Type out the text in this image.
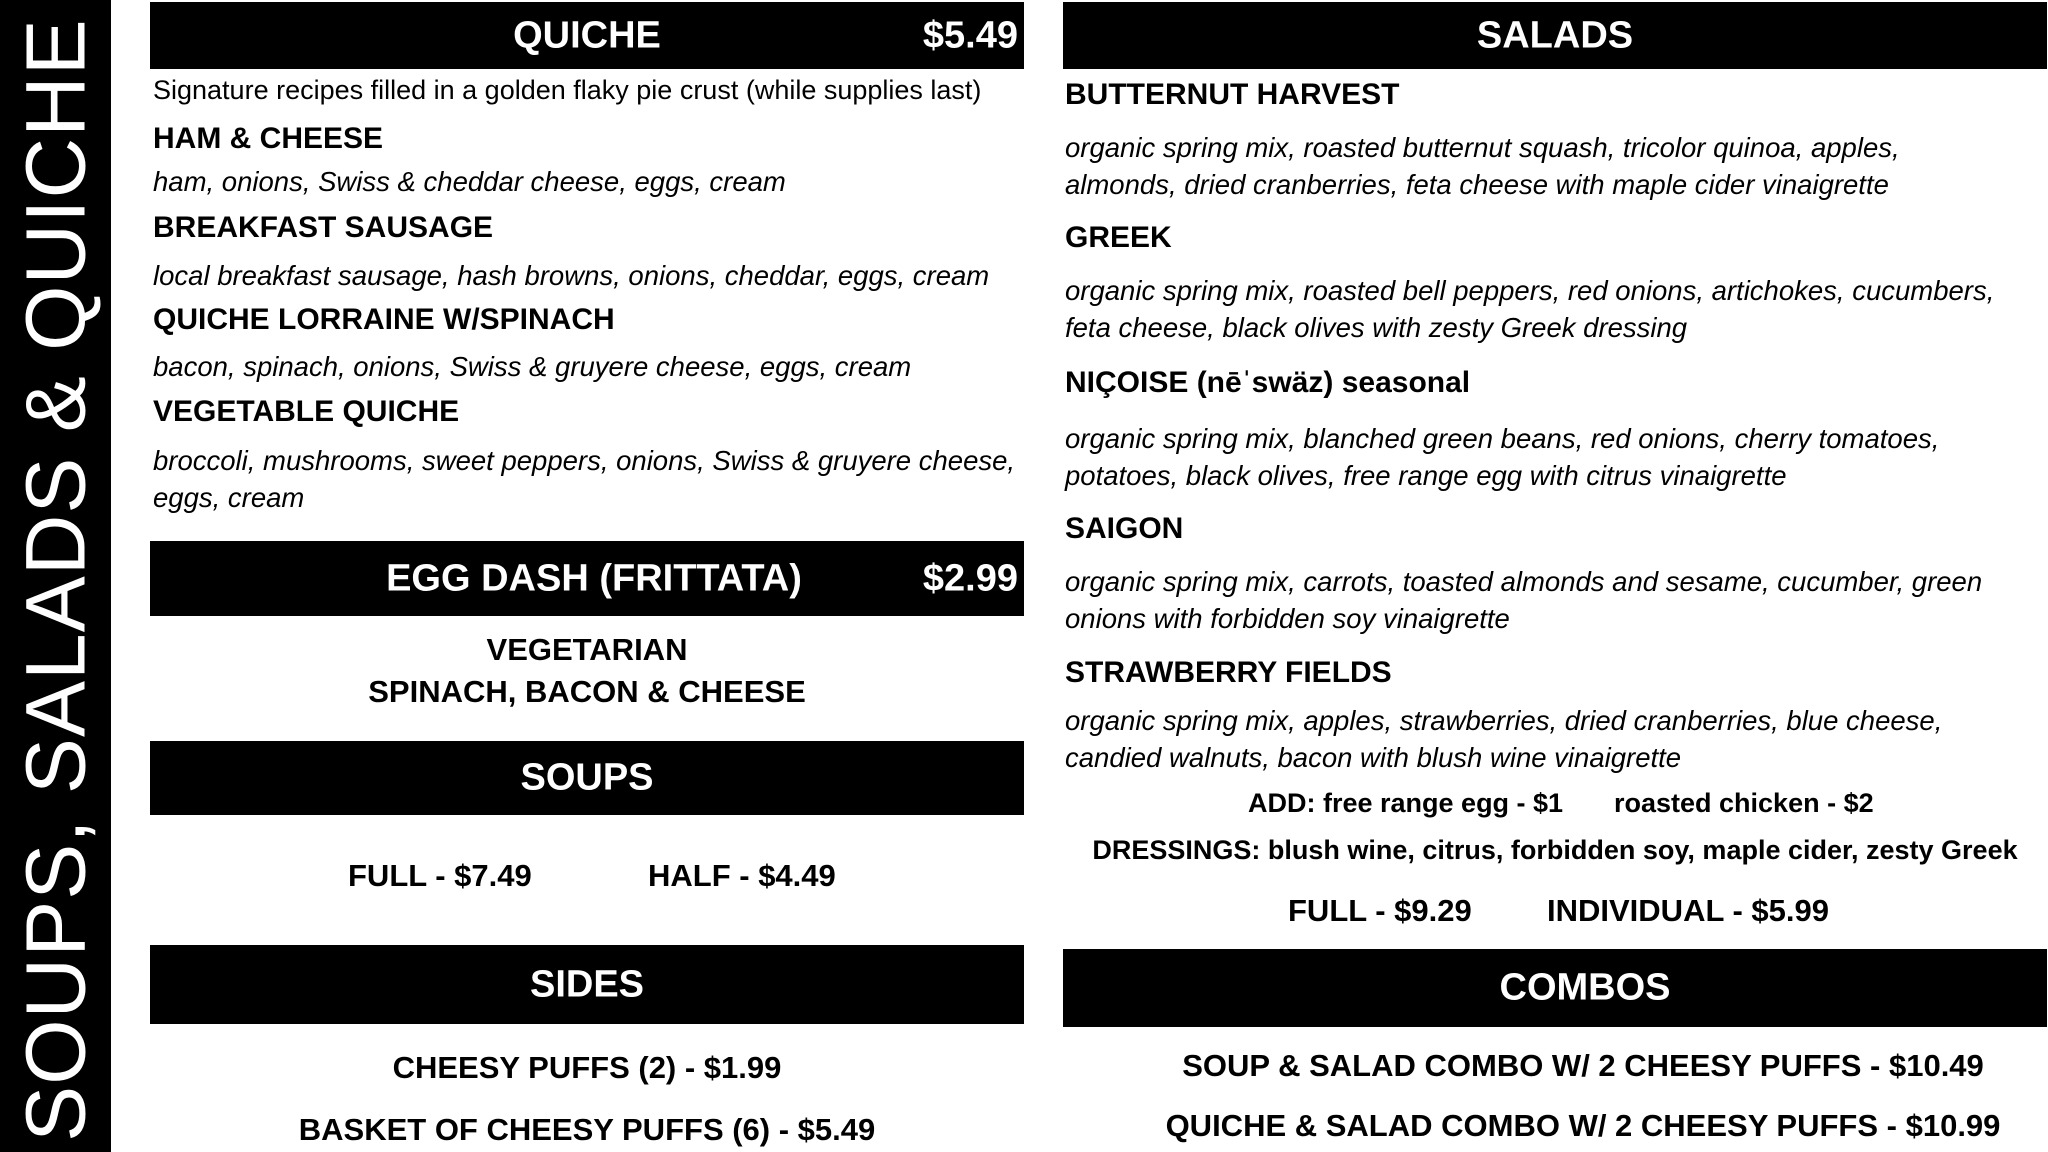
SOUPS, SALADS & QUICHE	QUICHE	$5.49
Signature recipes filled in a golden flaky pie crust (while supplies last)
HAM & CHEESE
ham, onions, Swiss & cheddar cheese, eggs, cream
BREAKFAST SAUSAGE
local breakfast sausage, hash browns, onions, cheddar, eggs, cream
QUICHE LORRAINE W/SPINACH
bacon, spinach, onions, Swiss & gruyere cheese, eggs, cream
VEGETABLE QUICHE
broccoli, mushrooms, sweet peppers, onions, Swiss & gruyere cheese, eggs, cream
EGG DASH (FRITTATA)	$2.99
VEGETARIAN
SPINACH, BACON & CHEESE
SOUPS
FULL - $7.49	HALF - $4.49
SIDES
CHEESY PUFFS (2) - $1.99
BASKET OF CHEESY PUFFS (6) - $5.49
SALADS
BUTTERNUT HARVEST
organic spring mix, roasted butternut squash, tricolor quinoa, apples, almonds, dried cranberries, feta cheese with maple cider vinaigrette
GREEK
organic spring mix, roasted bell peppers, red onions, artichokes, cucumbers, feta cheese, black olives with zesty Greek dressing
NIÇOISE (nēˈswäz) seasonal
organic spring mix, blanched green beans, red onions, cherry tomatoes, potatoes, black olives, free range egg with citrus vinaigrette
SAIGON
organic spring mix, carrots, toasted almonds and sesame, cucumber, green onions with forbidden soy vinaigrette
STRAWBERRY FIELDS
organic spring mix, apples, strawberries, dried cranberries, blue cheese, candied walnuts, bacon with blush wine vinaigrette
ADD: free range egg - $1 roasted chicken - $2
DRESSINGS: blush wine, citrus, forbidden soy, maple cider, zesty Greek
FULL - $9.29 INDIVIDUAL - $5.99
COMBOS
SOUP & SALAD COMBO W/ 2 CHEESY PUFFS - $10.49
QUICHE & SALAD COMBO W/ 2 CHEESY PUFFS - $10.99
